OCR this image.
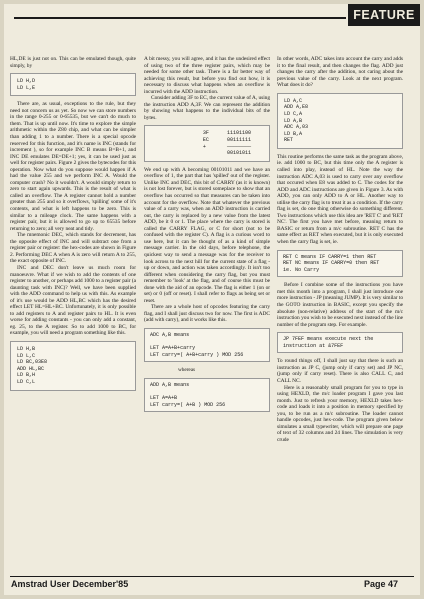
FEATURE

HL,DE is just not on. This can be emulated though, quite simply, by

LD H,D
LD L,E

There are, as usual, exceptions to the rule, but they need not concern us as yet. So now we can store numbers in the range 0-255 or 0-65535, but we can't do much to them. That is up until now. It's time to explore the simple arithmetic within the Z80 chip, and what can be simpler than adding 1 to a number. There is a special opcode reserved for this function, and it's name is INC (stands for increment ), so for example INC B means B=B+1, and INC DE emulates DE=DE+1; yes, it can be used just as well for register pairs. Figure 2 gives the bytecodes for this operation. Now what do you suppose would happen if A had the value 255 and we perform INC A. Would the computer crash? No it wouldn't. A would simply return to zero to start again upwards. This is the result of what is called an overflow. The A register cannot hold a number greater than 255 and so it overflows, 'spilling' some of it's contents, and what is left happens to be zero. This is similar to a mileage clock. The same happens with a register pair, but it is allowed to go up to 65535 before returning to zero; all very neat and tidy.

The mnemonic DEC, which stands for decrement, has the opposite effect of INC and will subtract one from a register pair or register: the hex-codes are shown in Figure 2. Performing DEC A when A is zero will return A to 255, the exact opposite of INC.

INC and DEC don't leave us much room for manoeuvre. What if we wish to add the contents of one register to another, or perhaps add 1000 to a register pair (a daunting task with INC)? Well, we have been supplied with the ADD command to help us with this. As example of it's use would be ADD HL,BC which has the desired effect LET HL=HL+BC. Unfortunately, it is only possible to add registers to A and register pairs to HL. It is even worse for adding constants - you can only add a constant, eg. 25, to the A register. So to add 1000 to BC, for example, you will need a program something like this.

LD H,B
LD L,C
LD BC,03E8
ADD HL,BC
LD B,H
LD C,L

A bit messy, you will agree, and it has the undesired effect of using two of the three register pairs, which may be needed for some other task. There is a far better way of achieving this result, but before you find out how, it is necessary to discuss what happens when an overflow is incurred with the ADD instruction.

Consider adding 3F to EC, the current value of A, using the instruction ADD A,3F. We can represent the addition by showing what happens to the individual bits of the bytes.

3F	11101100
EC	00111111
+	────────
00101011

We end up with A becoming 00101011 and we have an overflow of 1, the part that has 'spilled' out of the register. Unlike INC and DEC, this bit of CARRY (as it is known) is not lost forever, but is stored someplace to show that an overflow has occurred so that measures can be taken into account for the overflow. Note that whatever the previous value of a carry was, when an ADD instruction is carried out, the carry is replaced by a new value from the latest ADD, be it 0 or 1. The place where the carry is stored is called the CARRY FLAG, or C for short (not to be confused with the register C). A flag is a curious word to use here, but it can be thought of as a kind of simple message carrier. In the old days, before telephone, the quickest way to send a message was for the receiver to look across to the next hill for the current state of a flag - up or down, and action was taken accordingly. It isn't too different when considering the carry flag, but you must remember to 'look' at the flag, and of course this must be done with the aid of an opcode. The flag is either 1 (on or set) or 0 (off or reset). I shall refer to flags as being set or reset.

There are a whole host of opcodes featuring the carry flag, and I shall just discuss two for now. The first is ADC (add with carry), and it works like this.

ADC A,B means

LET A=A+B+carry
LET carry=( A+B+carry ) MOD 256
whereas
ADD A,B means

LET A=A+B
LET carry=( A+B ) MOD 256

In other words, ADC takes into account the carry and adds it to the final result, and then changes the flag. ADD just changes the carry after the addition, not caring about the previous value of the carry. Look at the next program. What does it do?

LD A,C
ADD A,E8
LD C,A
LD A,B
ADC A,03
LD B,A
RET

This routine performs the same task as the program above, ie. add 1000 to BC, but this time only the A register is called into play, instead of HL. Note the way the instruction ADC A,03 is used to carry over any overflow that occured when E8 was added to C. The codes for the ADD and ADC instructions are given in Figure 3. As with ADD, you can only ADD to A or HL. Another way to utilise the carry flag is to treat it as a condition. If the carry flag is set, do one thing otherwise do something different. Two instructions which use this idea are 'RET C' and 'RET NC'. The first you have met before, meaning return to BASIC or return from a m/c subroutine. RET C has the same effect as RET when executed, but it is only executed when the carry flag is set, ie.

RET C means IF CARRY=1 then RET
RET NC means IF CARRY=0 then RET
ie. No Carry

Before I combine some of the instructions you have met this month into a program, I shall just introduce one more instruction - JP (meaning JUMP). It is very similar to the GOTO instruction in BASIC, except you specify the absolute (non-relative) address of the start of the m/c instruction you wish to be executed next instead of the line number of the program step. For example.

JP 7FEF means execute next the
instruction at &7FEF

To round things off, I shall just say that there is such an instruction as JP C, (jump only if carry set) and JP NC, (jump only if carry reset). There is also CALL C, and CALL NC.

Here is a reasonably small program for you to type in using HEXLD, the m/c loader program I gave you last month. Just to refresh your memory, HEXLD takes hex-code and loads it into a position in memory specified by you, to be run as a m/c subroutine. The loader cannot handle opcodes, just hex-code. The program given below simulates a small typewriter, which will prepare one page of text of 32 columns and 24 lines. The simulation is very crude

Amstrad User December'85	Page 47
